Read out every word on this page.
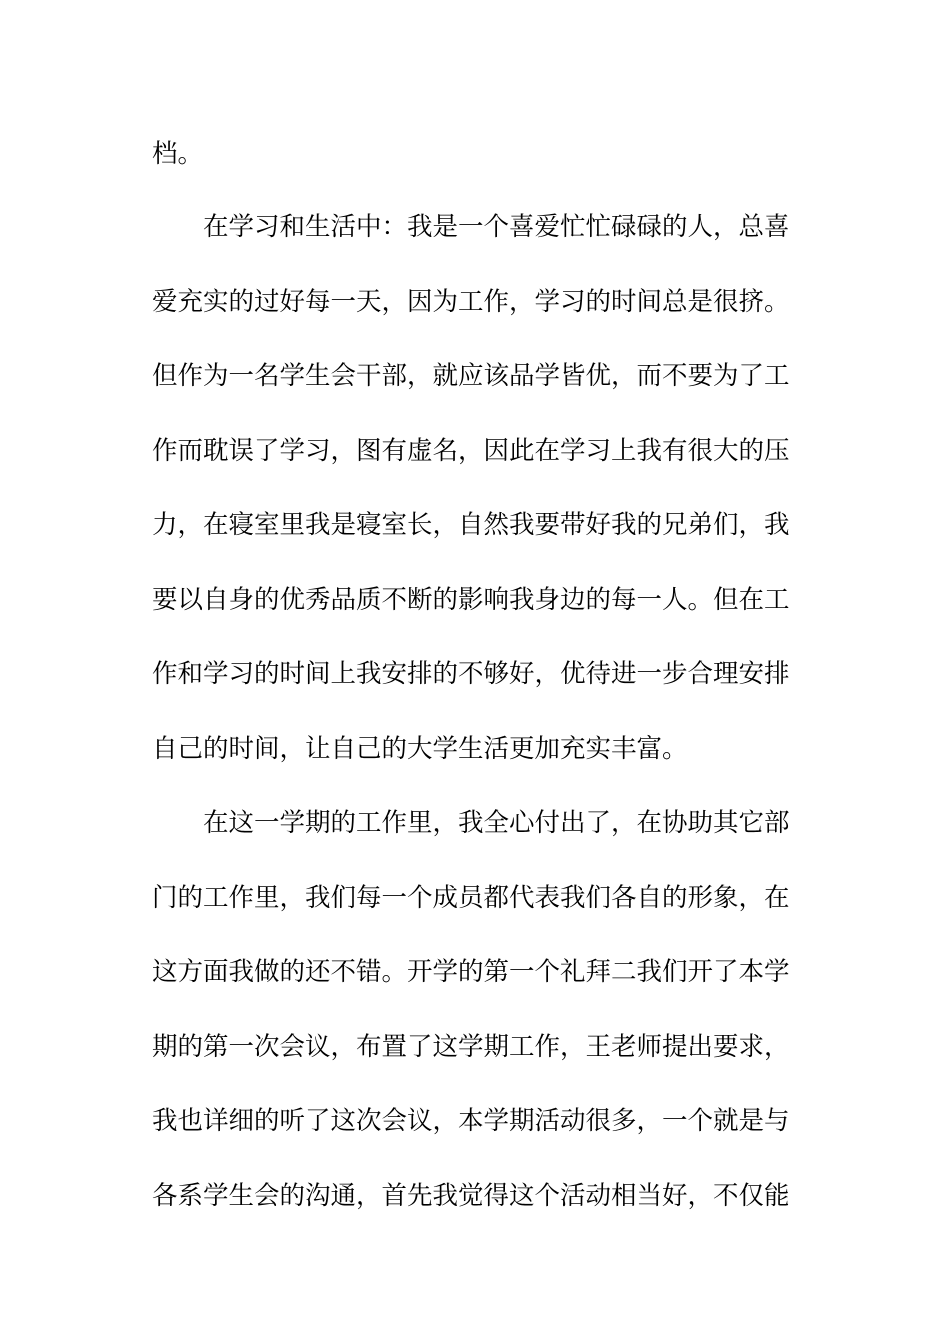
档。
在学习和生活中：我是一个喜爱忙忙碌碌的人，总喜
爱充实的过好每一天，因为工作，学习的时间总是很挤。
但作为一名学生会干部，就应该品学皆优，而不要为了工
作而耽误了学习，图有虚名，因此在学习上我有很大的压
力，在寝室里我是寝室长，自然我要带好我的兄弟们，我
要以自身的优秀品质不断的影响我身边的每一人。但在工
作和学习的时间上我安排的不够好，优待进一步合理安排
自己的时间，让自己的大学生活更加充实丰富。
在这一学期的工作里，我全心付出了，在协助其它部
门的工作里，我们每一个成员都代表我们各自的形象，在
这方面我做的还不错。开学的第一个礼拜二我们开了本学
期的第一次会议，布置了这学期工作，王老师提出要求，
我也详细的听了这次会议，本学期活动很多，一个就是与
各系学生会的沟通，首先我觉得这个活动相当好，不仅能
